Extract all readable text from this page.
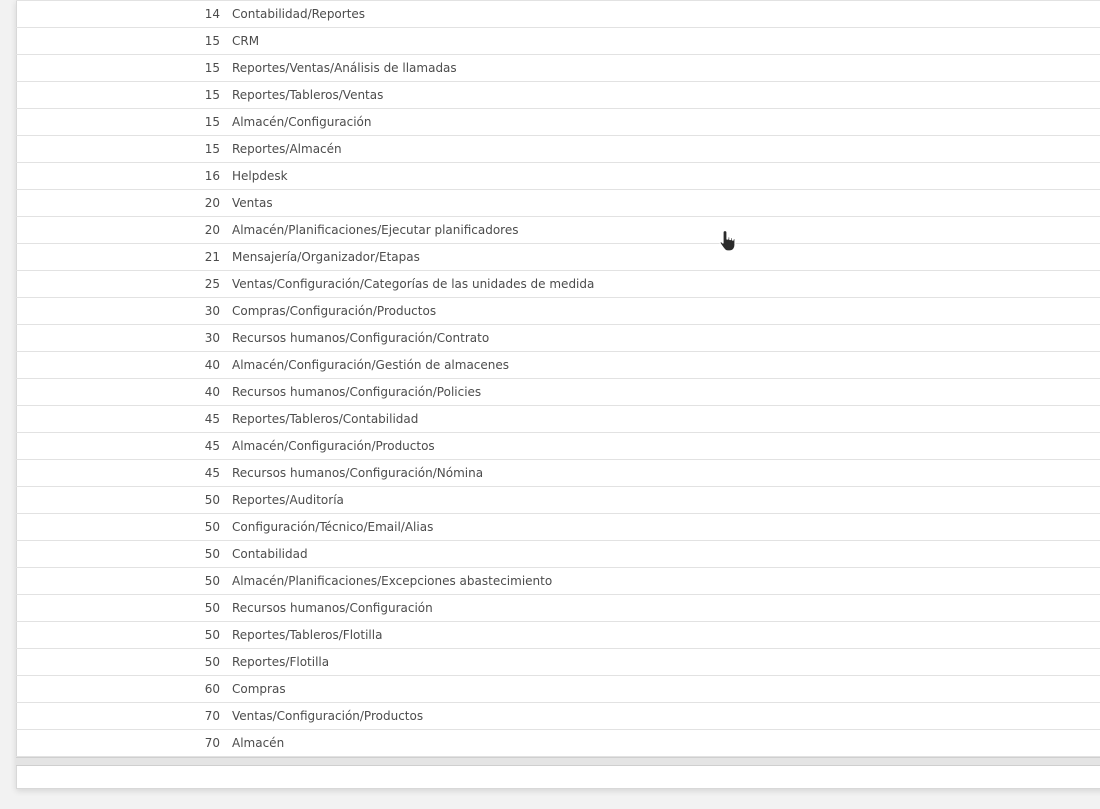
14 Contabilidad/Reportes
15 CRM
15 Reportes/Ventas/Análisis de llamadas
15 Reportes/Tableros/Ventas
15 Almacén/Configuración
15 Reportes/Almacén
16 Helpdesk
20 Ventas
20 Almacén/Planificaciones/Ejecutar planificadores
21 Mensajería/Organizador/Etapas
25 Ventas/Configuración/Categorías de las unidades de medida
30 Compras/Configuración/Productos
30 Recursos humanos/Configuración/Contrato
40 Almacén/Configuración/Gestión de almacenes
40 Recursos humanos/Configuración/Policies
45 Reportes/Tableros/Contabilidad
45 Almacén/Configuración/Productos
45 Recursos humanos/Configuración/Nómina
50 Reportes/Auditoría
50 Configuración/Técnico/Email/Alias
50 Contabilidad
50 Almacén/Planificaciones/Excepciones abastecimiento
50 Recursos humanos/Configuración
50 Reportes/Tableros/Flotilla
50 Reportes/Flotilla
60 Compras
70 Ventas/Configuración/Productos
70 Almacén
